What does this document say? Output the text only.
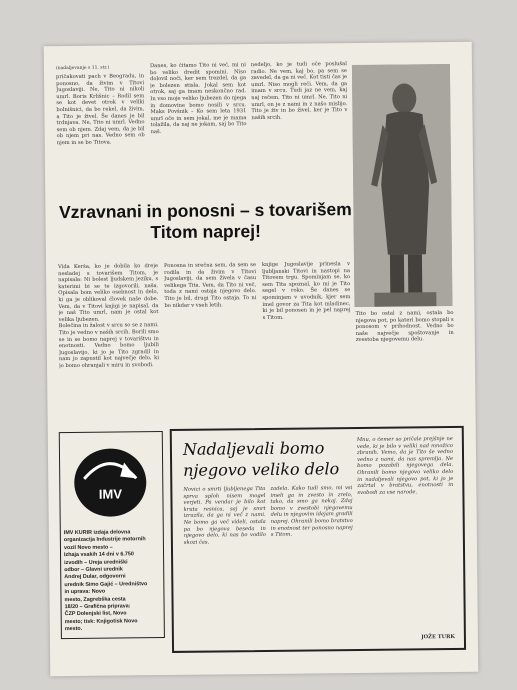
(nadaljevanje s 11. str.)

pričakovati pach v Beogradu, in ponosno, da živim v Titovi Jugoslaviji. Ne, Tito ni nikoli umrl. Boris Krlišnic – Rodil sem se kot devet otrok v veliki bolnišnici, da bo rekel, da živim, a Tito je živel. Še danes je bil trdnjava. Ne, Tito ni umrl. Vedno sem ob njem. Zdaj vem, da je bil ob njem pri nas. Vedno sem ob njem in se bo Titova.

Danes, ko čitamo Tito ni več, mi ni bo veliko dredit spomini. Niso dolovil noči, ker sem trezdel, da ga je bolezen stisla. Jokal sem kot otrok, saj ga imam neskončno rad. In vso moje veliko ljubezen do njega in domovine bomo nosili v srcu. Maks Povšnik – Ko sem leta 1931 umrl oče in sem jokal, me je mama tolažila, da naj ne jokam, saj bo Tito naš.

nedeljo, ko je tudi oče poslušal radio. Ne vem, kaj bo, pa sem se zavedel, da ga ni več. Kot tisti čas je umrl. Niso mogli reči. Vem, da ga imam v srcu. Tudi jaz ne vem, kaj naj rečem. Tito ni umrl. Ne, Tito ni umrl, on je z nami in z našo mislijo. Tito je živ in bo živel, ker je Tito v naših srcih.

Vzravnani in ponosni – s tovarišem Titom naprej!

Vida Kerša, ko je dobila ko dreje nesladej s tovarišem Titom, je napisala: Ni bolest ljudskem jeziku, s katerimi bi se te izgovorili, naša. Opisala bom veliko osebnost in delo, ki ga je oblikoval človek naše dobe. Vem, da v Titovi knjigi je napisal, da je naš Tito umrl, nam je ostal kot velika ljubezen.

Bolečina in žalost v srcu so se z nami. Tito je vedno v naših srcih. Borili smo se in se bomo naprej v tovarištvu in enotnosti. Vedno bomo ljubili Jugoslavijo, ki jo je Tito zgradil in nam jo zapustil kot največje delo, ki jo bomo ohranjali v miru in svobodi.

Ponosna in srečna sem, da sem se rodila in da živim v Titovi Jugoslaviji, da sem živela v času velikega Tita. Vem, da Tito ni več, toda z nami ostaja njegovo delo. Tito je bil, drugi Tito ostaja. To ni bo nikdar v vseh letih.

knjige Jugoslavije prinesla v ljubljanski Titovi in nastopi na Titovem trgu. Spominjam se, ko sem Tita spoznal, ko mi je Tito segel v roko. Še danes se spominjam v uvodnik, kjer sem imel govor za Tita kot mladinec, ki je bil ponosen in je pel naprej s Titom.

Tito bo ostal z nami, ostala bo njegova pot, po kateri bomo stopali s ponosom v prihodnost. Vedno bo naše največje spoštovanje in zvestoba njegovemu delu.

IMV
IMV KURIR izdaja delovna
organizacija Industrije motornih
vozil Novo mesto –
Izhaja vsakih 14 dni v 6.750
izvodih – Ureja uredniški
odbor – Glavni urednik
Andrej Dular, odgovorni
urednik Simo Gajić – Uredništvo
in uprava: Novo
mesto, Zagrebška cesta
18/20 – Grafična priprava:
ČZP Dolenjski list, Novo
mesto; tisk: Knjigotisk Novo
mesto.
Nadaljevali bomo njegovo veliko delo

Novici o smrti ljubljenega Tita sprva sploh nisem mogel verjeti. Pa vendar je bilo kot kruta resnica, saj je smrt izrazila, da ga ni več z nami. Ne bomo ga več videli, ostala pa bo njegova beseda in njegovo delo, ki nas bo vodilo skozi čas.

zadela. Kako tudi smo, mi vsi imeli ga in zvesto in zrelo, tako, da smo ga nekaj. Zdaj bomo v zvestobi njegovemu delu in njegovim idejam gradili naprej. Ohranili bomo bratstvo in enotnost ter ponosno naprej s Titom.

Mnu, o čemer so pričale prejšnje ne vede, ki je bilo v veliki nad množico zbranih. Vemo, da je Tito še vedno vedno z nami, da nas spremlja. Ne bomo pozabili njegovega dela. Ohranili bomo njegovo veliko delo in nadaljevali njegovo pot, ki jo je začrtal v bratstvu, enotnosti in svobodi za vse narode.

JOŽE TURK
